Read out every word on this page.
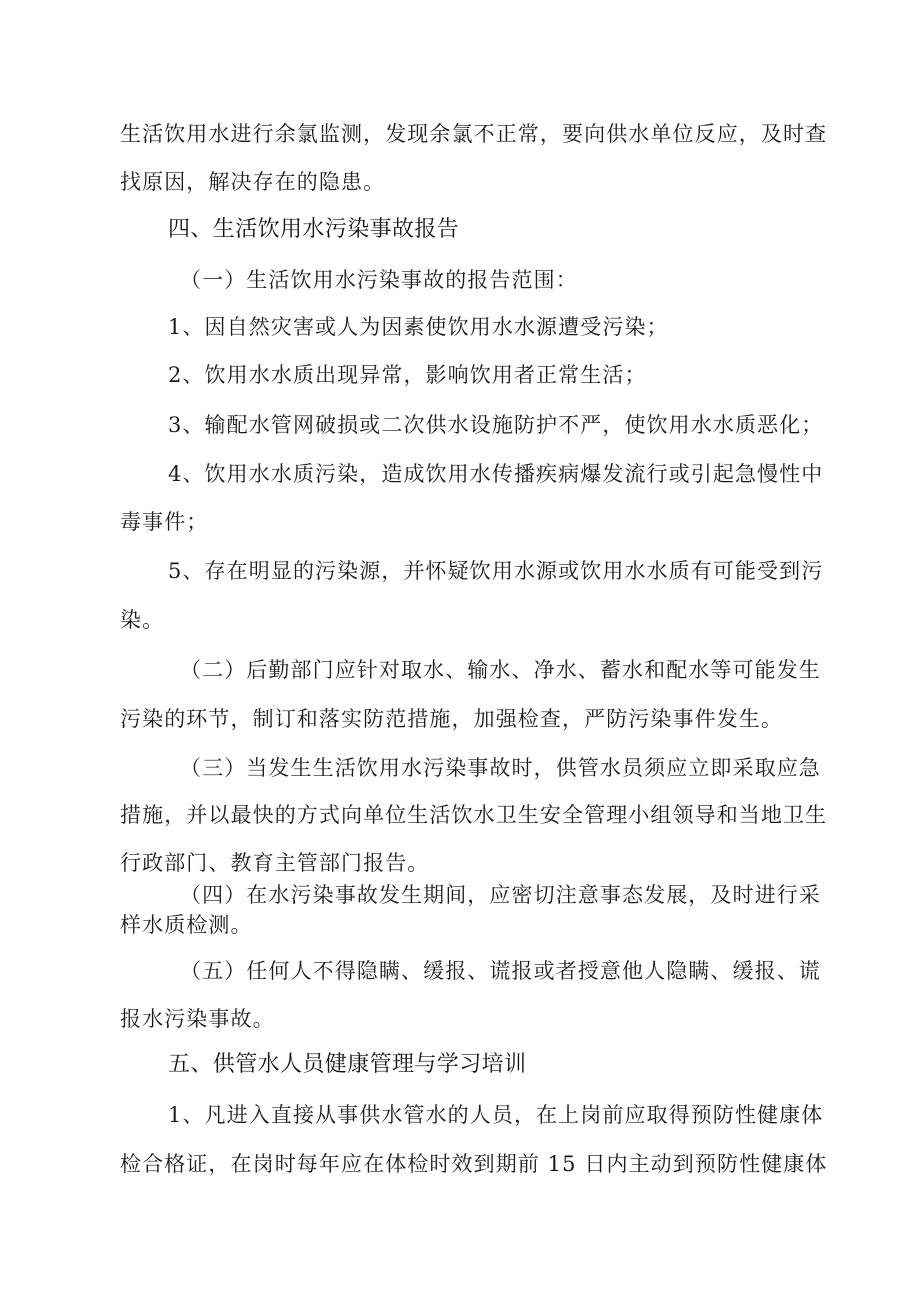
生活饮用水进行余氯监测，发现余氯不正常，要向供水单位反应，及时查
找原因，解决存在的隐患。
四、生活饮用水污染事故报告
（一）生活饮用水污染事故的报告范围：
1、因自然灾害或人为因素使饮用水水源遭受污染；
2、饮用水水质出现异常，影响饮用者正常生活；
3、输配水管网破损或二次供水设施防护不严，使饮用水水质恶化；
4、饮用水水质污染，造成饮用水传播疾病爆发流行或引起急慢性中
毒事件；
5、存在明显的污染源，并怀疑饮用水源或饮用水水质有可能受到污
染。
（二）后勤部门应针对取水、输水、净水、蓄水和配水等可能发生
污染的环节，制订和落实防范措施，加强检查，严防污染事件发生。
（三）当发生生活饮用水污染事故时，供管水员须应立即采取应急
措施，并以最快的方式向单位生活饮水卫生安全管理小组领导和当地卫生
行政部门、教育主管部门报告。
（四）在水污染事故发生期间，应密切注意事态发展，及时进行采
样水质检测。
（五）任何人不得隐瞒、缓报、谎报或者授意他人隐瞒、缓报、谎
报水污染事故。
五、供管水人员健康管理与学习培训
1、凡进入直接从事供水管水的人员，在上岗前应取得预防性健康体
检合格证，在岗时每年应在体检时效到期前 15 日内主动到预防性健康体
